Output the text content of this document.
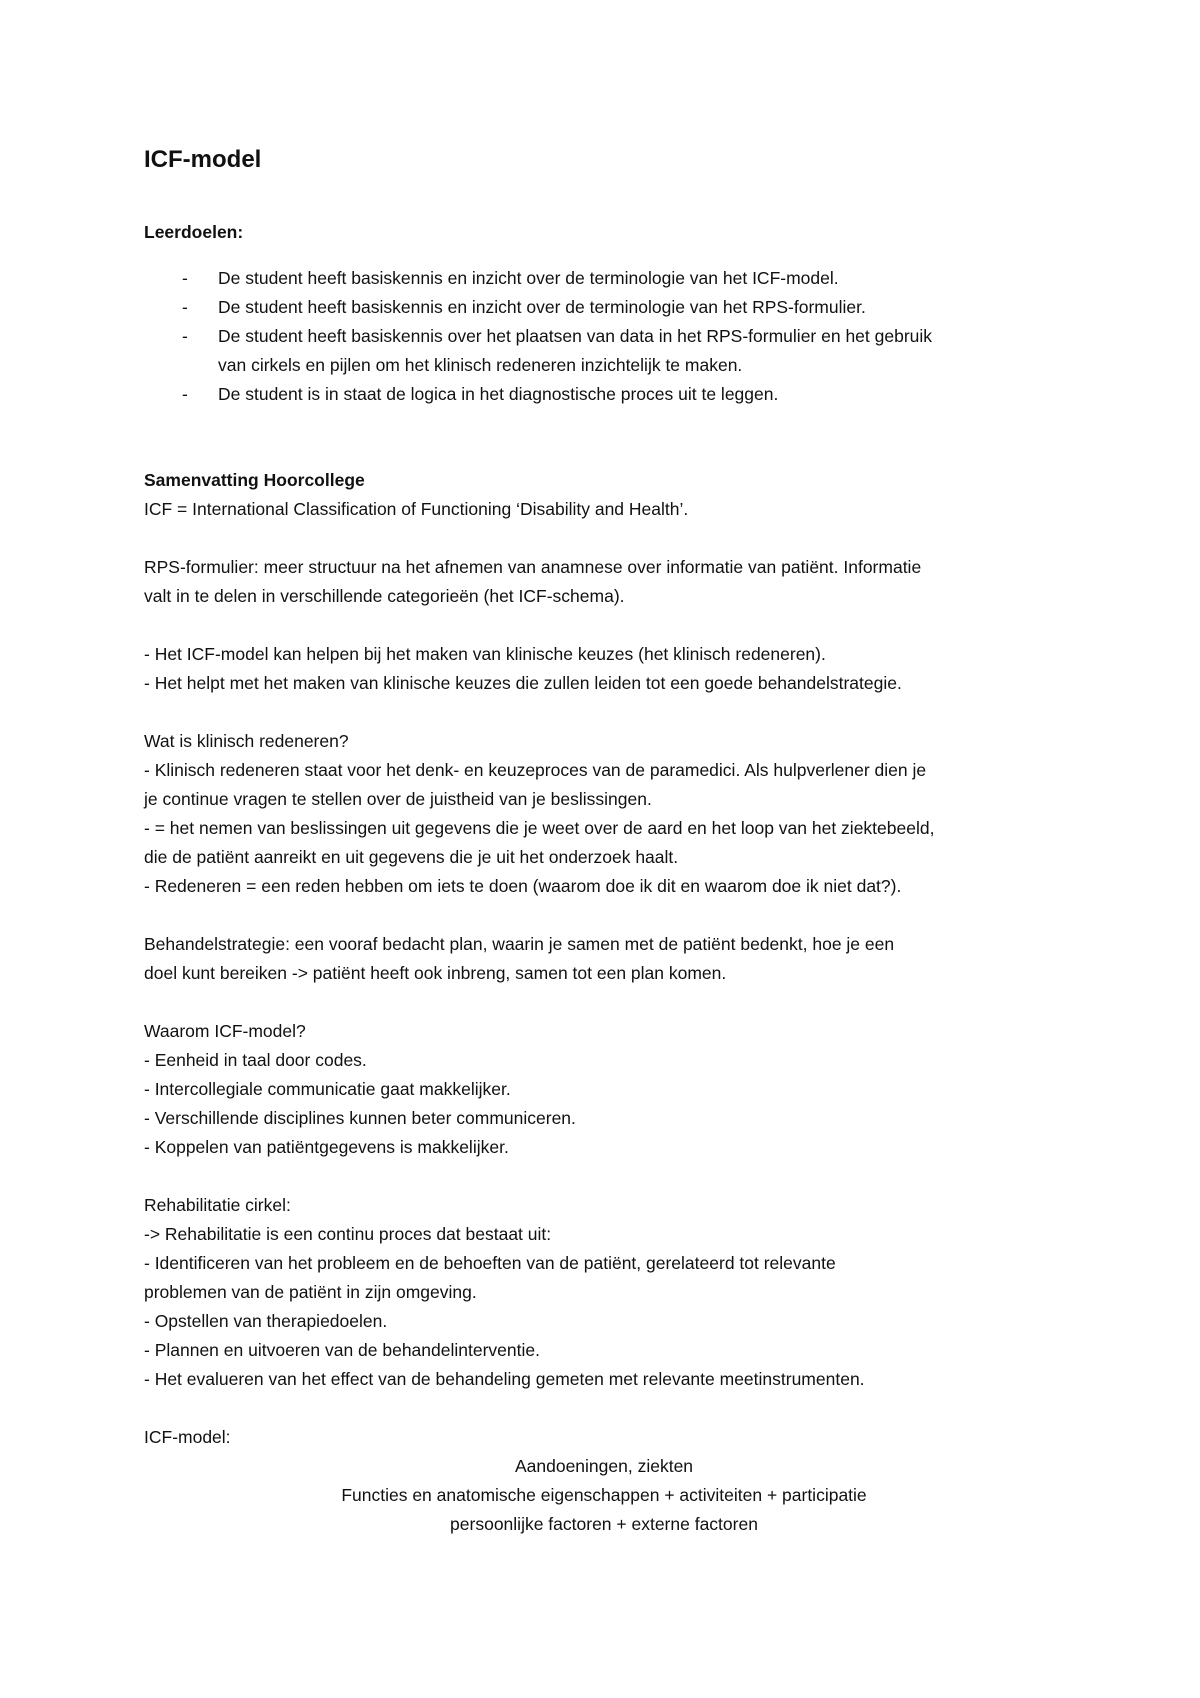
ICF-model
Leerdoelen:
- De student heeft basiskennis en inzicht over de terminologie van het ICF-model.
- De student heeft basiskennis en inzicht over de terminologie van het RPS-formulier.
- De student heeft basiskennis over het plaatsen van data in het RPS-formulier en het gebruik
van cirkels en pijlen om het klinisch redeneren inzichtelijk te maken.
- De student is in staat de logica in het diagnostische proces uit te leggen.
Samenvatting Hoorcollege
ICF = International Classification of Functioning ‘Disability and Health’.
RPS-formulier: meer structuur na het afnemen van anamnese over informatie van patiënt. Informatie
valt in te delen in verschillende categorieën (het ICF-schema).
- Het ICF-model kan helpen bij het maken van klinische keuzes (het klinisch redeneren).
- Het helpt met het maken van klinische keuzes die zullen leiden tot een goede behandelstrategie.
Wat is klinisch redeneren?
- Klinisch redeneren staat voor het denk- en keuzeproces van de paramedici. Als hulpverlener dien je
je continue vragen te stellen over de juistheid van je beslissingen.
- = het nemen van beslissingen uit gegevens die je weet over de aard en het loop van het ziektebeeld,
die de patiënt aanreikt en uit gegevens die je uit het onderzoek haalt.
- Redeneren = een reden hebben om iets te doen (waarom doe ik dit en waarom doe ik niet dat?).
Behandelstrategie: een vooraf bedacht plan, waarin je samen met de patiënt bedenkt, hoe je een
doel kunt bereiken -> patiënt heeft ook inbreng, samen tot een plan komen.
Waarom ICF-model?
- Eenheid in taal door codes.
- Intercollegiale communicatie gaat makkelijker.
- Verschillende disciplines kunnen beter communiceren.
- Koppelen van patiëntgegevens is makkelijker.
Rehabilitatie cirkel:
-> Rehabilitatie is een continu proces dat bestaat uit:
- Identificeren van het probleem en de behoeften van de patiënt, gerelateerd tot relevante
problemen van de patiënt in zijn omgeving.
- Opstellen van therapiedoelen.
- Plannen en uitvoeren van de behandelinterventie.
- Het evalueren van het effect van de behandeling gemeten met relevante meetinstrumenten.
ICF-model:
Aandoeningen, ziekten
Functies en anatomische eigenschappen + activiteiten + participatie
persoonlijke factoren + externe factoren
